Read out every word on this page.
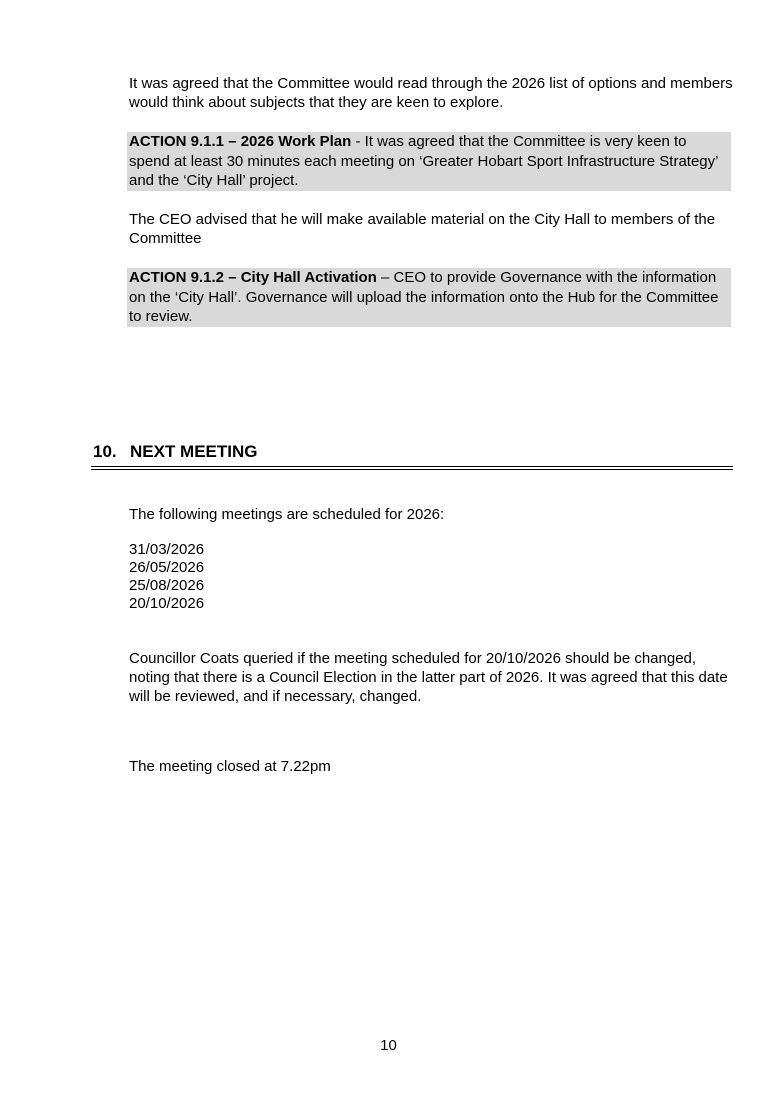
It was agreed that the Committee would read through the 2026 list of options and members would think about subjects that they are keen to explore.

ACTION 9.1.1 – 2026 Work Plan - It was agreed that the Committee is very keen to spend at least 30 minutes each meeting on ‘Greater Hobart Sport Infrastructure Strategy’ and the ‘City Hall’ project.

The CEO advised that he will make available material on the City Hall to members of the Committee

ACTION 9.1.2 – City Hall Activation – CEO to provide Governance with the information on the ‘City Hall’. Governance will upload the information onto the Hub for the Committee to review.

10. NEXT MEETING

The following meetings are scheduled for 2026:

31/03/2026
26/05/2026
25/08/2026
20/10/2026

Councillor Coats queried if the meeting scheduled for 20/10/2026 should be changed, noting that there is a Council Election in the latter part of 2026. It was agreed that this date will be reviewed, and if necessary, changed.

The meeting closed at 7.22pm

10
